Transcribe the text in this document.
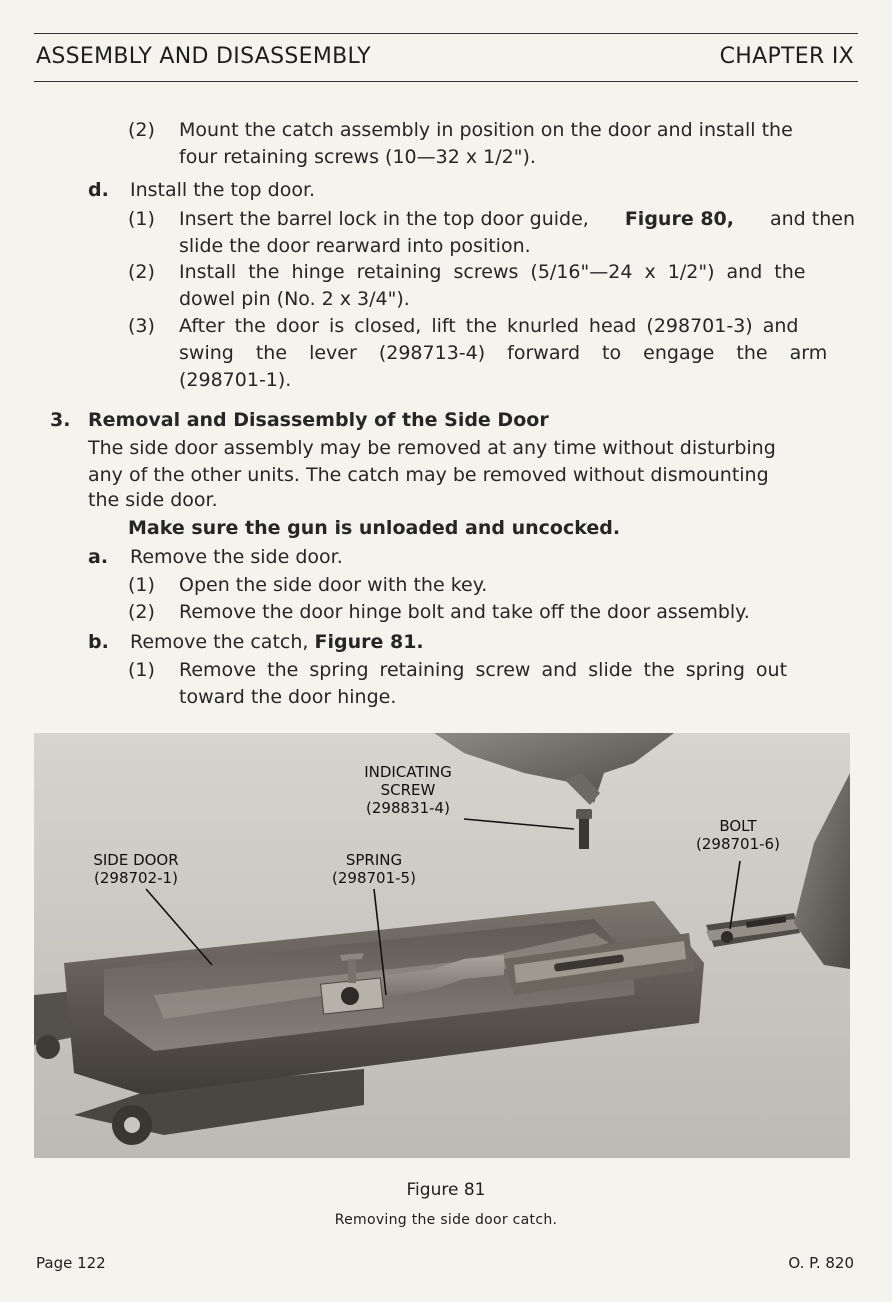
ASSEMBLY AND DISASSEMBLY	CHAPTER IX
(2) Mount the catch assembly in position on the door and install the
four retaining screws (10—32 x 1/2").
d. Install the top door.
(1) Insert the barrel lock in the top door guide, Figure 80, and then
slide the door rearward into position.
(2) Install the hinge retaining screws (5/16"—24 x 1/2") and the
dowel pin (No. 2 x 3/4").
(3) After the door is closed, lift the knurled head (298701-3) and
swing the lever (298713-4) forward to engage the arm
(298701-1).
3. Removal and Disassembly of the Side Door
The side door assembly may be removed at any time without disturbing
any of the other units. The catch may be removed without dismounting
the side door.
Make sure the gun is unloaded and uncocked.
a. Remove the side door.
(1) Open the side door with the key.
(2) Remove the door hinge bolt and take off the door assembly.
b. Remove the catch, Figure 81.
(1) Remove the spring retaining screw and slide the spring out
toward the door hinge.
INDICATING
SCREW
(298831-4)
BOLT
(298701-6)
SIDE DOOR
(298702-1)
SPRING
(298701-5)
Figure 81
Removing the side door catch.
Page 122	O. P. 820
